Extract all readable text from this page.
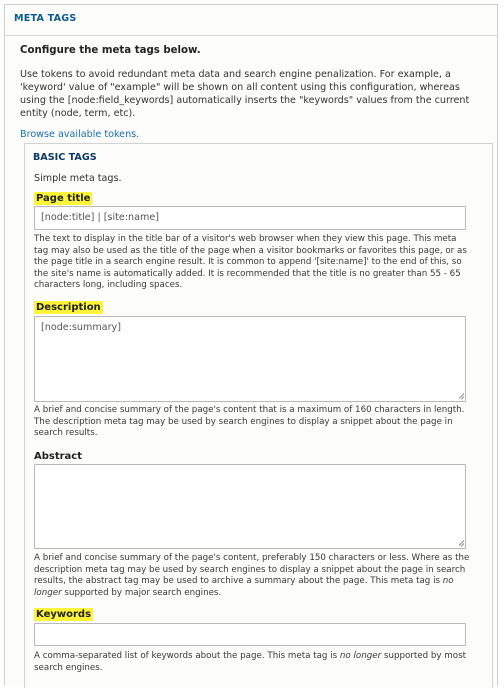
META TAGS
Configure the meta tags below.
Use tokens to avoid redundant meta data and search engine penalization. For example, a 'keyword' value of "example" will be shown on all content using this configuration, whereas using the [node:field_keywords] automatically inserts the "keywords" values from the current entity (node, term, etc).
Browse available tokens.
BASIC TAGS
Simple meta tags.
Page title
[node:title] | [site:name]
The text to display in the title bar of a visitor's web browser when they view this page. This meta tag may also be used as the title of the page when a visitor bookmarks or favorites this page, or as the page title in a search engine result. It is common to append '[site:name]' to the end of this, so the site's name is automatically added. It is recommended that the title is no greater than 55 - 65 characters long, including spaces.
Description
[node:summary]
A brief and concise summary of the page's content that is a maximum of 160 characters in length. The description meta tag may be used by search engines to display a snippet about the page in search results.
Abstract
A brief and concise summary of the page's content, preferably 150 characters or less. Where as the description meta tag may be used by search engines to display a snippet about the page in search results, the abstract tag may be used to archive a summary about the page. This meta tag is no longer supported by major search engines.
Keywords
A comma-separated list of keywords about the page. This meta tag is no longer supported by most search engines.
